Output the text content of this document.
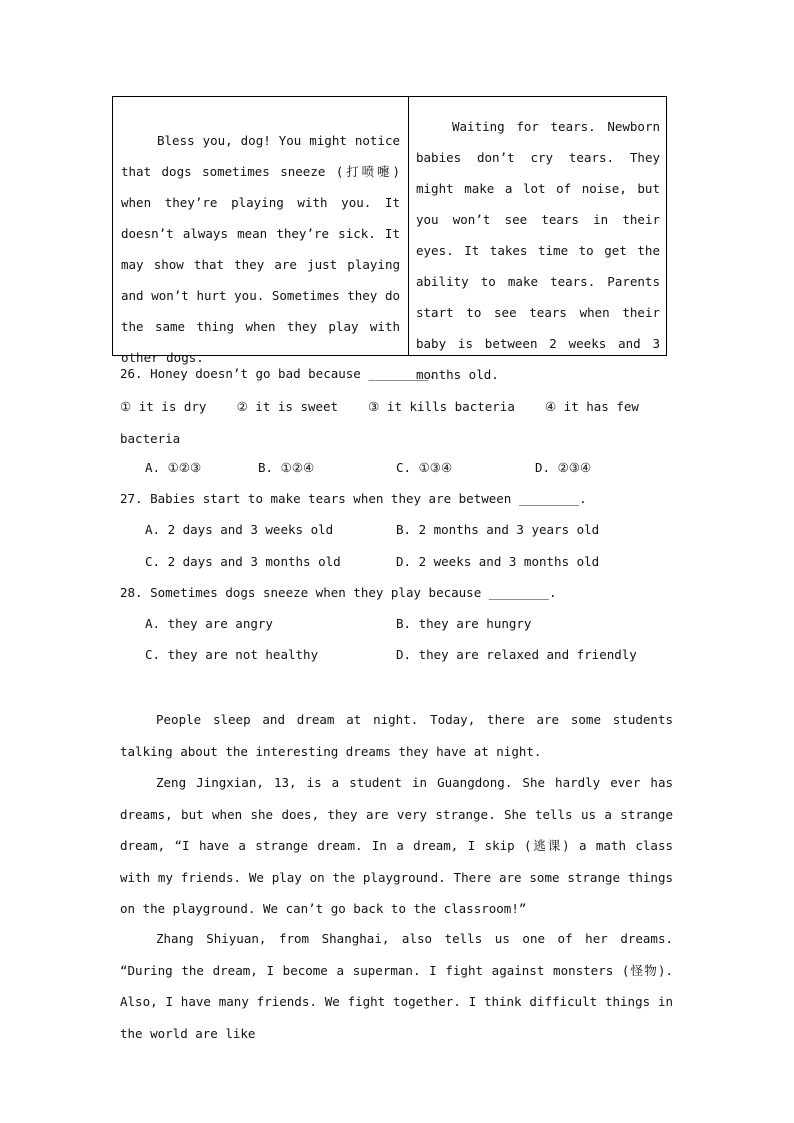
Bless you, dog! You might notice that dogs sometimes sneeze (打喷嚏) when they’re playing with you. It doesn’t always mean they’re sick. It may show that they are just playing and won’t hurt you. Sometimes they do the same thing when they play with other dogs.

Waiting for tears. Newborn babies don’t cry tears. They might make a lot of noise, but you won’t see tears in their eyes. It takes time to get the ability to make tears. Parents start to see tears when their baby is between 2 weeks and 3 months old.

26. Honey doesn’t go bad because ________.

① it is dry    ② it is sweet    ③ it kills bacteria    ④ it has few

bacteria

A. ①②③	B. ①②④	C. ①③④	D. ②③④

27. Babies start to make tears when they are between ________.

A. 2 days and 3 weeks old	B. 2 months and 3 years old

C. 2 days and 3 months old	D. 2 weeks and 3 months old

28. Sometimes dogs sneeze when they play because ________.

A. they are angry	B. they are hungry

C. they are not healthy	D. they are relaxed and friendly

People sleep and dream at night. Today, there are some students talking about the interesting dreams they have at night.

Zeng Jingxian, 13, is a student in Guangdong. She hardly ever has dreams, but when she does, they are very strange. She tells us a strange dream, “I have a strange dream. In a dream, I skip (逃课) a math class with my friends. We play on the playground. There are some strange things on the playground. We can’t go back to the classroom!”

Zhang Shiyuan, from Shanghai, also tells us one of her dreams. “During the dream, I become a superman. I fight against monsters (怪物). Also, I have many friends. We fight together. I think difficult things in the world are like
